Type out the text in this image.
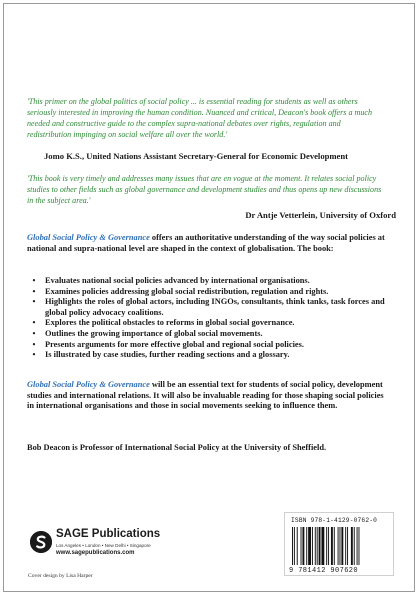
'This primer on the global politics of social policy ... is essential reading for students as well as others seriously interested in improving the human condition. Nuanced and critical, Deacon's book offers a much needed and constructive guide to the complex supra-national debates over rights, regulation and redistribution impinging on social welfare all over the world.'

Jomo K.S., United Nations Assistant Secretary-General for Economic Development

'This book is very timely and addresses many issues that are en vogue at the moment. It relates social policy studies to other fields such as global governance and development studies and thus opens up new discussions in the subject area.'

Dr Antje Vetterlein, University of Oxford

Global Social Policy & Governance offers an authoritative understanding of the way social policies at national and supra-national level are shaped in the context of globalisation. The book:

•	Evaluates national social policies advanced by international organisations.
•	Examines policies addressing global social redistribution, regulation and rights.
•	Highlights the roles of global actors, including INGOs, consultants, think tanks, task forces and global policy advocacy coalitions.
•	Explores the political obstacles to reforms in global social governance.
•	Outlines the growing importance of global social movements.
•	Presents arguments for more effective global and regional social policies.
•	Is illustrated by case studies, further reading sections and a glossary.

Global Social Policy & Governance will be an essential text for students of social policy, development studies and international relations. It will also be invaluable reading for those shaping social policies in international organisations and those in social movements seeking to influence them.

Bob Deacon is Professor of International Social Policy at the University of Sheffield.

SAGE Publications
Los Angeles • London • New Delhi • Singapore
www.sagepublications.com
Cover design by Lisa Harper
ISBN 978-1-4129-0762-0
9 781412 907620
